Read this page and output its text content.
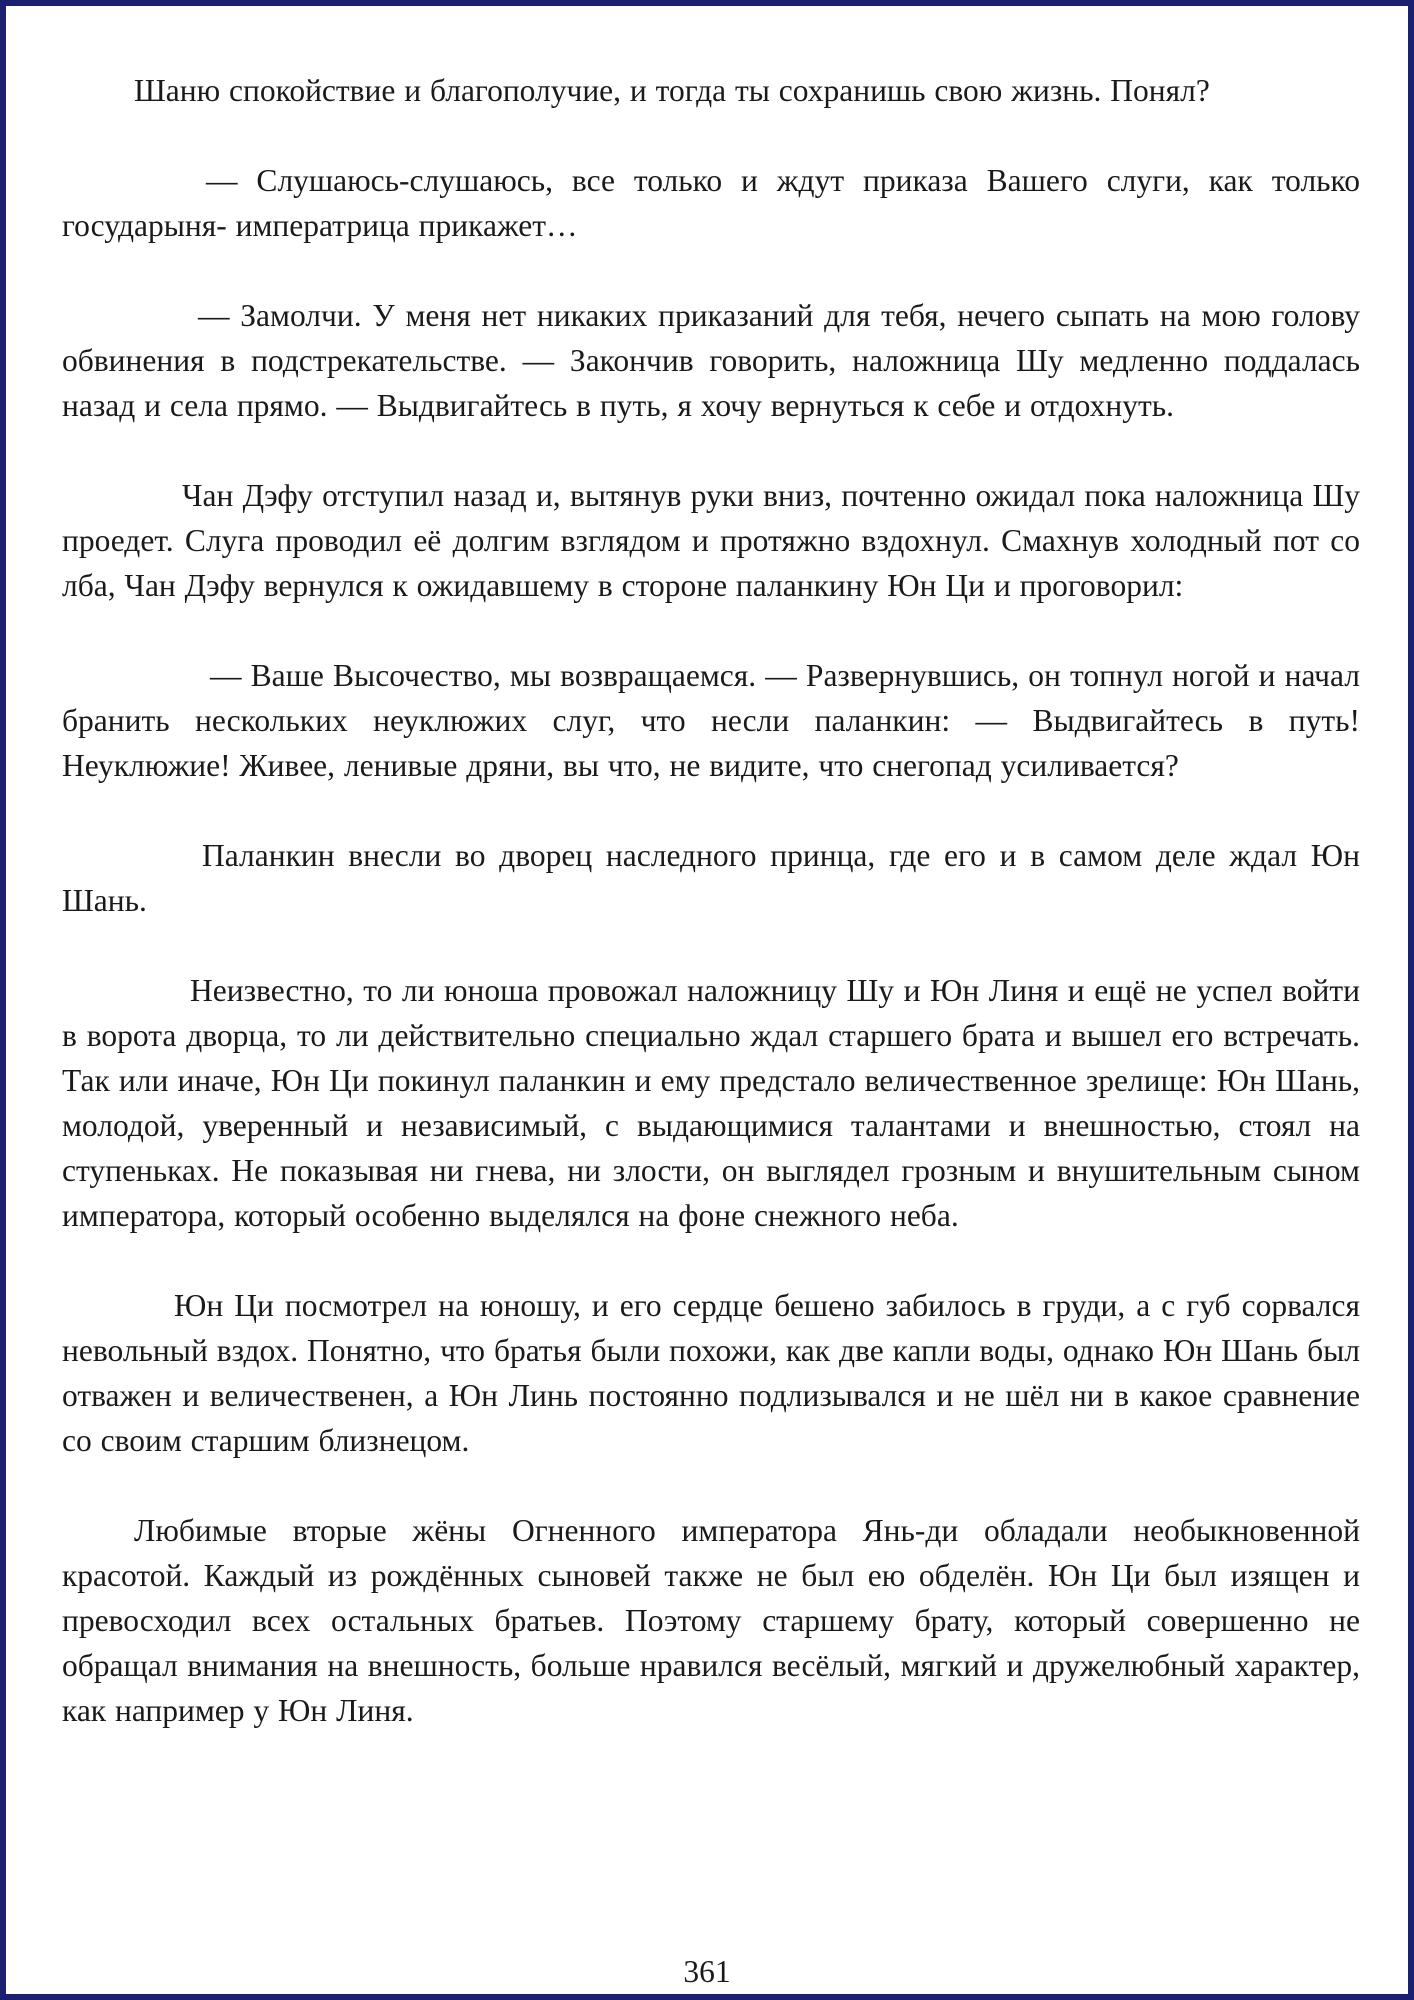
Шаню спокойствие и благополучие, и тогда ты сохранишь свою жизнь. Понял?

— Слушаюсь-слушаюсь, все только и ждут приказа Вашего слуги, как только государыня- императрица прикажет…

— Замолчи. У меня нет никаких приказаний для тебя, нечего сыпать на мою голову обвинения в подстрекательстве. — Закончив говорить, наложница Шу медленно поддалась назад и села прямо. — Выдвигайтесь в путь, я хочу вернуться к себе и отдохнуть.

Чан Дэфу отступил назад и, вытянув руки вниз, почтенно ожидал пока наложница Шу проедет. Слуга проводил её долгим взглядом и протяжно вздохнул. Смахнув холодный пот со лба, Чан Дэфу вернулся к ожидавшему в стороне паланкину Юн Ци и проговорил:

— Ваше Высочество, мы возвращаемся. — Развернувшись, он топнул ногой и начал бранить нескольких неуклюжих слуг, что несли паланкин: — Выдвигайтесь в путь! Неуклюжие! Живее, ленивые дряни, вы что, не видите, что снегопад усиливается?

Паланкин внесли во дворец наследного принца, где его и в самом деле ждал Юн Шань.

Неизвестно, то ли юноша провожал наложницу Шу и Юн Линя и ещё не успел войти в ворота дворца, то ли действительно специально ждал старшего брата и вышел его встречать. Так или иначе, Юн Ци покинул паланкин и ему предстало величественное зрелище: Юн Шань, молодой, уверенный и независимый, с выдающимися талантами и внешностью, стоял на ступеньках. Не показывая ни гнева, ни злости, он выглядел грозным и внушительным сыном императора, который особенно выделялся на фоне снежного неба.

Юн Ци посмотрел на юношу, и его сердце бешено забилось в груди, а с губ сорвался невольный вздох. Понятно, что братья были похожи, как две капли воды, однако Юн Шань был отважен и величественен, а Юн Линь постоянно подлизывался и не шёл ни в какое сравнение со своим старшим близнецом.

Любимые вторые жёны Огненного императора Янь-ди обладали необыкновенной красотой. Каждый из рождённых сыновей также не был ею обделён. Юн Ци был изящен и превосходил всех остальных братьев. Поэтому старшему брату, который совершенно не обращал внимания на внешность, больше нравился весёлый, мягкий и дружелюбный характер, как например у Юн Линя.

361
